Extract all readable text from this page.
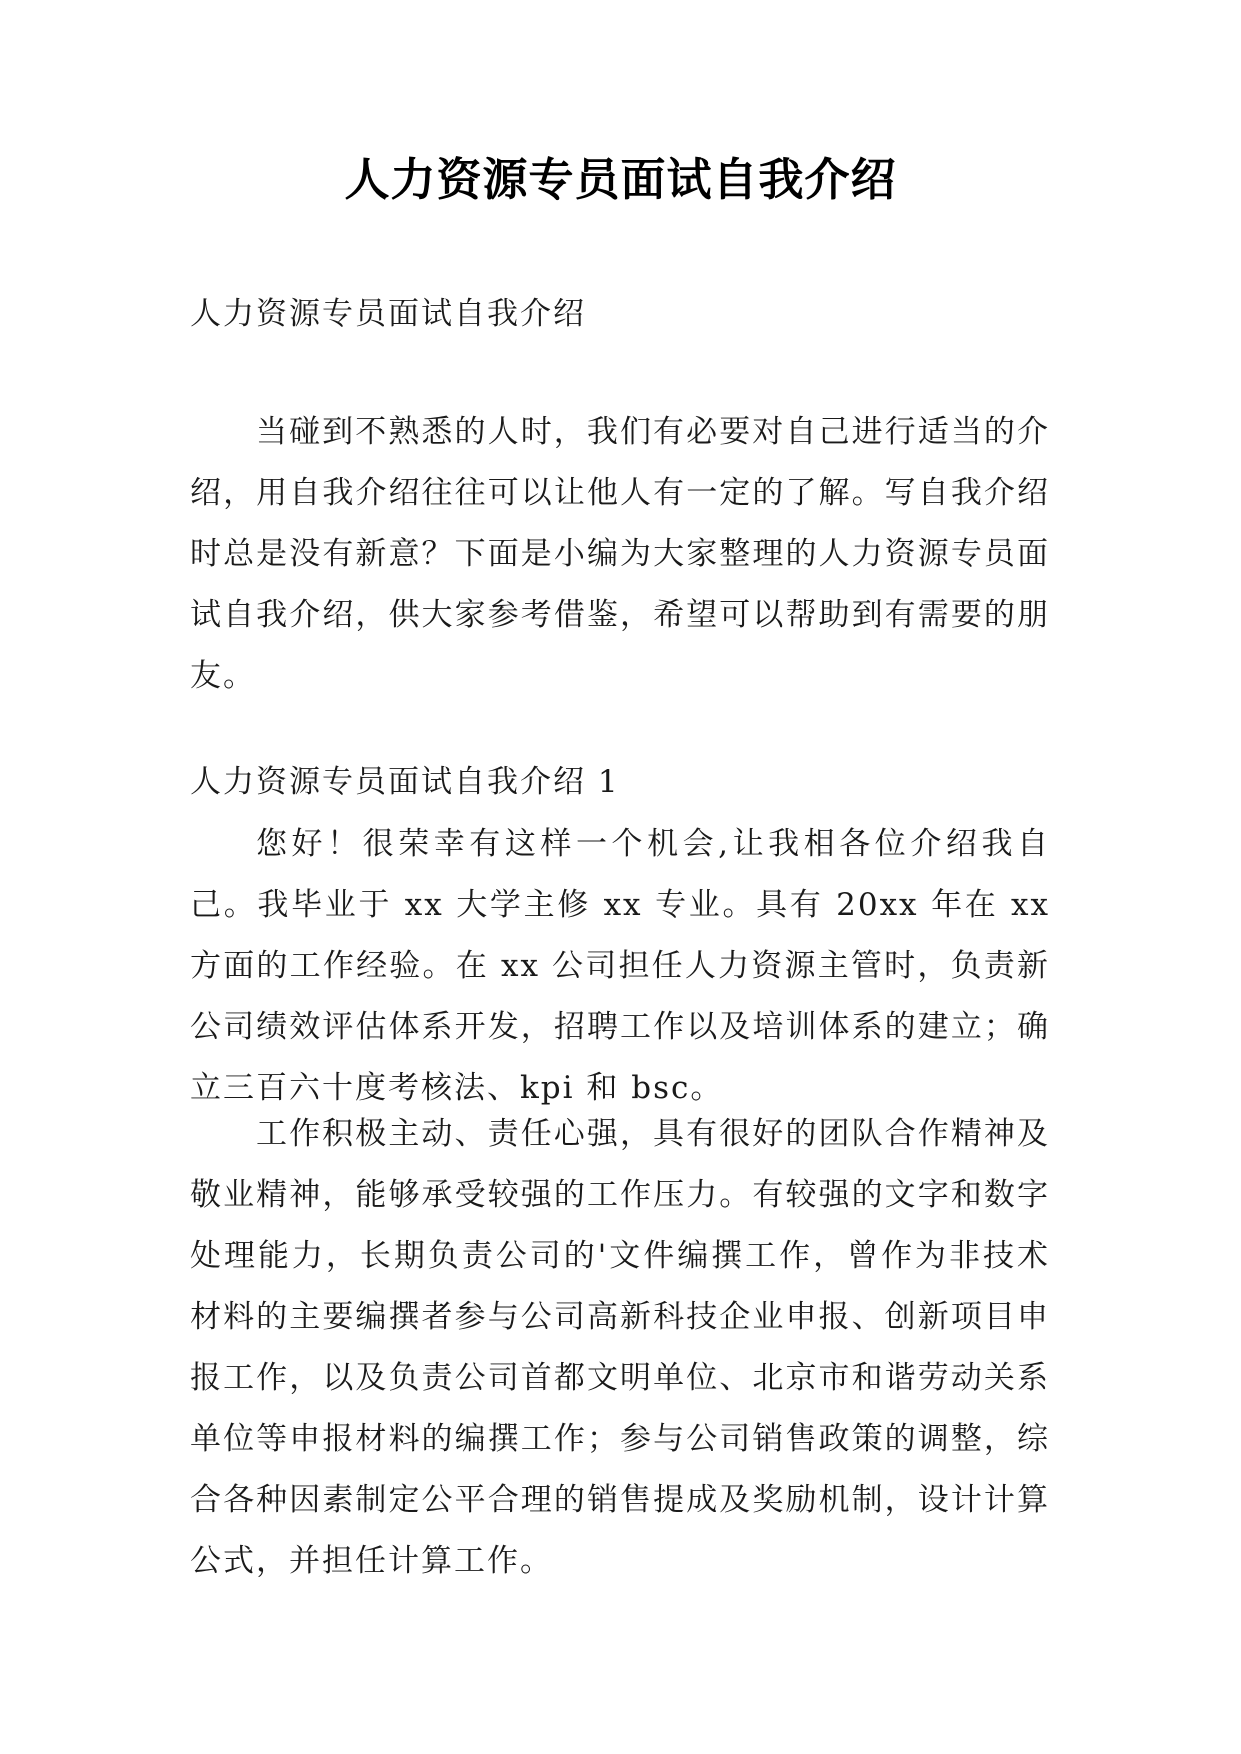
人力资源专员面试自我介绍

人力资源专员面试自我介绍

当碰到不熟悉的人时，我们有必要对自己进行适当的介绍，用自我介绍往往可以让他人有一定的了解。写自我介绍时总是没有新意？下面是小编为大家整理的人力资源专员面试自我介绍，供大家参考借鉴，希望可以帮助到有需要的朋友。

人力资源专员面试自我介绍 1

您好！很荣幸有这样一个机会,让我相各位介绍我自己。我毕业于 xx 大学主修 xx 专业。具有 20xx 年在 xx 方面的工作经验。在 xx 公司担任人力资源主管时，负责新公司绩效评估体系开发，招聘工作以及培训体系的建立；确立三百六十度考核法、kpi 和 bsc。

工作积极主动、责任心强，具有很好的团队合作精神及敬业精神，能够承受较强的工作压力。有较强的文字和数字处理能力，长期负责公司的'文件编撰工作，曾作为非技术材料的主要编撰者参与公司高新科技企业申报、创新项目申报工作，以及负责公司首都文明单位、北京市和谐劳动关系单位等申报材料的编撰工作；参与公司销售政策的调整，综合各种因素制定公平合理的销售提成及奖励机制，设计计算公式，并担任计算工作。
